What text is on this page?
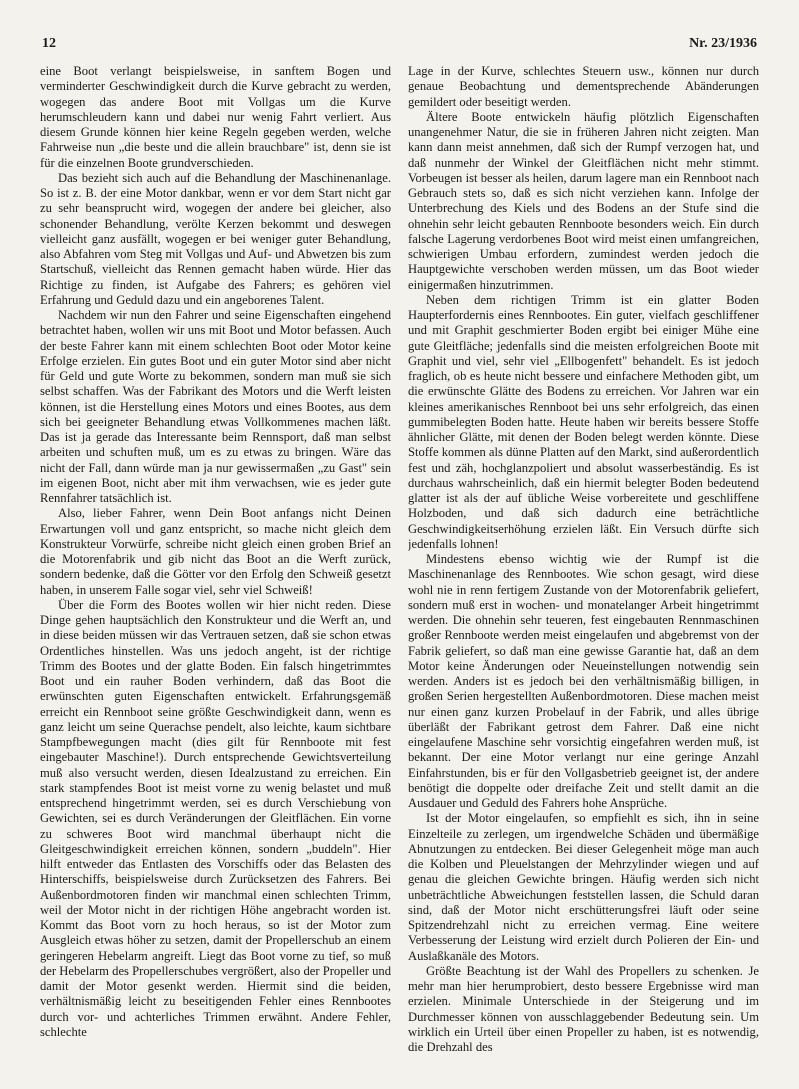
12	Nr. 23/1936

eine Boot verlangt beispielsweise, in sanftem Bogen und verminderter Geschwindigkeit durch die Kurve gebracht zu werden, wogegen das andere Boot mit Vollgas um die Kurve herumschleudern kann und dabei nur wenig Fahrt verliert. Aus diesem Grunde können hier keine Regeln gegeben werden, welche Fahrweise nun „die beste und die allein brauchbare" ist, denn sie ist für die einzelnen Boote grundverschieden.

Das bezieht sich auch auf die Behandlung der Maschinenanlage. So ist z. B. der eine Motor dankbar, wenn er vor dem Start nicht gar zu sehr beansprucht wird, wogegen der andere bei gleicher, also schonender Behandlung, verölte Kerzen bekommt und deswegen vielleicht ganz ausfällt, wogegen er bei weniger guter Behandlung, also Abfahren vom Steg mit Vollgas und Auf- und Abwetzen bis zum Startschuß, vielleicht das Rennen gemacht haben würde. Hier das Richtige zu finden, ist Aufgabe des Fahrers; es gehören viel Erfahrung und Geduld dazu und ein angeborenes Talent.

Nachdem wir nun den Fahrer und seine Eigenschaften eingehend betrachtet haben, wollen wir uns mit Boot und Motor befassen. Auch der beste Fahrer kann mit einem schlechten Boot oder Motor keine Erfolge erzielen. Ein gutes Boot und ein guter Motor sind aber nicht für Geld und gute Worte zu bekommen, sondern man muß sie sich selbst schaffen. Was der Fabrikant des Motors und die Werft leisten können, ist die Herstellung eines Motors und eines Bootes, aus dem sich bei geeigneter Behandlung etwas Vollkommenes machen läßt. Das ist ja gerade das Interessante beim Rennsport, daß man selbst arbeiten und schuften muß, um es zu etwas zu bringen. Wäre das nicht der Fall, dann würde man ja nur gewissermaßen „zu Gast" sein im eigenen Boot, nicht aber mit ihm verwachsen, wie es jeder gute Rennfahrer tatsächlich ist.

Also, lieber Fahrer, wenn Dein Boot anfangs nicht Deinen Erwartungen voll und ganz entspricht, so mache nicht gleich dem Konstrukteur Vorwürfe, schreibe nicht gleich einen groben Brief an die Motorenfabrik und gib nicht das Boot an die Werft zurück, sondern bedenke, daß die Götter vor den Erfolg den Schweiß gesetzt haben, in unserem Falle sogar viel, sehr viel Schweiß!

Über die Form des Bootes wollen wir hier nicht reden. Diese Dinge gehen hauptsächlich den Konstrukteur und die Werft an, und in diese beiden müssen wir das Vertrauen setzen, daß sie schon etwas Ordentliches hinstellen. Was uns jedoch angeht, ist der richtige Trimm des Bootes und der glatte Boden. Ein falsch hingetrimmtes Boot und ein rauher Boden verhindern, daß das Boot die erwünschten guten Eigenschaften entwickelt. Erfahrungsgemäß erreicht ein Rennboot seine größte Geschwindigkeit dann, wenn es ganz leicht um seine Querachse pendelt, also leichte, kaum sichtbare Stampfbewegungen macht (dies gilt für Rennboote mit fest eingebauter Maschine!). Durch entsprechende Gewichtsverteilung muß also versucht werden, diesen Idealzustand zu erreichen. Ein stark stampfendes Boot ist meist vorne zu wenig belastet und muß entsprechend hingetrimmt werden, sei es durch Verschiebung von Gewichten, sei es durch Veränderungen der Gleitflächen. Ein vorne zu schweres Boot wird manchmal überhaupt nicht die Gleitgeschwindigkeit erreichen können, sondern „buddeln". Hier hilft entweder das Entlasten des Vorschiffs oder das Belasten des Hinterschiffs, beispielsweise durch Zurücksetzen des Fahrers. Bei Außenbordmotoren finden wir manchmal einen schlechten Trimm, weil der Motor nicht in der richtigen Höhe angebracht worden ist. Kommt das Boot vorn zu hoch heraus, so ist der Motor zum Ausgleich etwas höher zu setzen, damit der Propellerschub an einem geringeren Hebelarm angreift. Liegt das Boot vorne zu tief, so muß der Hebelarm des Propellerschubes vergrößert, also der Propeller und damit der Motor gesenkt werden. Hiermit sind die beiden, verhältnismäßig leicht zu beseitigenden Fehler eines Rennbootes durch vor- und achterliches Trimmen erwähnt. Andere Fehler, schlechte

Lage in der Kurve, schlechtes Steuern usw., können nur durch genaue Beobachtung und dementsprechende Abänderungen gemildert oder beseitigt werden.

Ältere Boote entwickeln häufig plötzlich Eigenschaften unangenehmer Natur, die sie in früheren Jahren nicht zeigten. Man kann dann meist annehmen, daß sich der Rumpf verzogen hat, und daß nunmehr der Winkel der Gleitflächen nicht mehr stimmt. Vorbeugen ist besser als heilen, darum lagere man ein Rennboot nach Gebrauch stets so, daß es sich nicht verziehen kann. Infolge der Unterbrechung des Kiels und des Bodens an der Stufe sind die ohnehin sehr leicht gebauten Rennboote besonders weich. Ein durch falsche Lagerung verdorbenes Boot wird meist einen umfangreichen, schwierigen Umbau erfordern, zumindest werden jedoch die Hauptgewichte verschoben werden müssen, um das Boot wieder einigermaßen hinzutrimmen.

Neben dem richtigen Trimm ist ein glatter Boden Haupterfordernis eines Rennbootes. Ein guter, vielfach geschliffener und mit Graphit geschmierter Boden ergibt bei einiger Mühe eine gute Gleitfläche; jedenfalls sind die meisten erfolgreichen Boote mit Graphit und viel, sehr viel „Ellbogenfett" behandelt. Es ist jedoch fraglich, ob es heute nicht bessere und einfachere Methoden gibt, um die erwünschte Glätte des Bodens zu erreichen. Vor Jahren war ein kleines amerikanisches Rennboot bei uns sehr erfolgreich, das einen gummibelegten Boden hatte. Heute haben wir bereits bessere Stoffe ähnlicher Glätte, mit denen der Boden belegt werden könnte. Diese Stoffe kommen als dünne Platten auf den Markt, sind außerordentlich fest und zäh, hochglanzpoliert und absolut wasserbeständig. Es ist durchaus wahrscheinlich, daß ein hiermit belegter Boden bedeutend glatter ist als der auf übliche Weise vorbereitete und geschliffene Holzboden, und daß sich dadurch eine beträchtliche Geschwindigkeitserhöhung erzielen läßt. Ein Versuch dürfte sich jedenfalls lohnen!

Mindestens ebenso wichtig wie der Rumpf ist die Maschinenanlage des Rennbootes. Wie schon gesagt, wird diese wohl nie in renn fertigem Zustande von der Motorenfabrik geliefert, sondern muß erst in wochen- und monatelanger Arbeit hingetrimmt werden. Die ohnehin sehr teueren, fest eingebauten Rennmaschinen großer Rennboote werden meist eingelaufen und abgebremst von der Fabrik geliefert, so daß man eine gewisse Garantie hat, daß an dem Motor keine Änderungen oder Neueinstellungen notwendig sein werden. Anders ist es jedoch bei den verhältnismäßig billigen, in großen Serien hergestellten Außenbordmotoren. Diese machen meist nur einen ganz kurzen Probelauf in der Fabrik, und alles übrige überläßt der Fabrikant getrost dem Fahrer. Daß eine nicht eingelaufene Maschine sehr vorsichtig eingefahren werden muß, ist bekannt. Der eine Motor verlangt nur eine geringe Anzahl Einfahrstunden, bis er für den Vollgasbetrieb geeignet ist, der andere benötigt die doppelte oder dreifache Zeit und stellt damit an die Ausdauer und Geduld des Fahrers hohe Ansprüche.

Ist der Motor eingelaufen, so empfiehlt es sich, ihn in seine Einzelteile zu zerlegen, um irgendwelche Schäden und übermäßige Abnutzungen zu entdecken. Bei dieser Gelegenheit möge man auch die Kolben und Pleuelstangen der Mehrzylinder wiegen und auf genau die gleichen Gewichte bringen. Häufig werden sich nicht unbeträchtliche Abweichungen feststellen lassen, die Schuld daran sind, daß der Motor nicht erschütterungsfrei läuft oder seine Spitzendrehzahl nicht zu erreichen vermag. Eine weitere Verbesserung der Leistung wird erzielt durch Polieren der Ein- und Auslaßkanäle des Motors.

Größte Beachtung ist der Wahl des Propellers zu schenken. Je mehr man hier herumprobiert, desto bessere Ergebnisse wird man erzielen. Minimale Unterschiede in der Steigerung und im Durchmesser können von ausschlaggebender Bedeutung sein. Um wirklich ein Urteil über einen Propeller zu haben, ist es notwendig, die Drehzahl des
